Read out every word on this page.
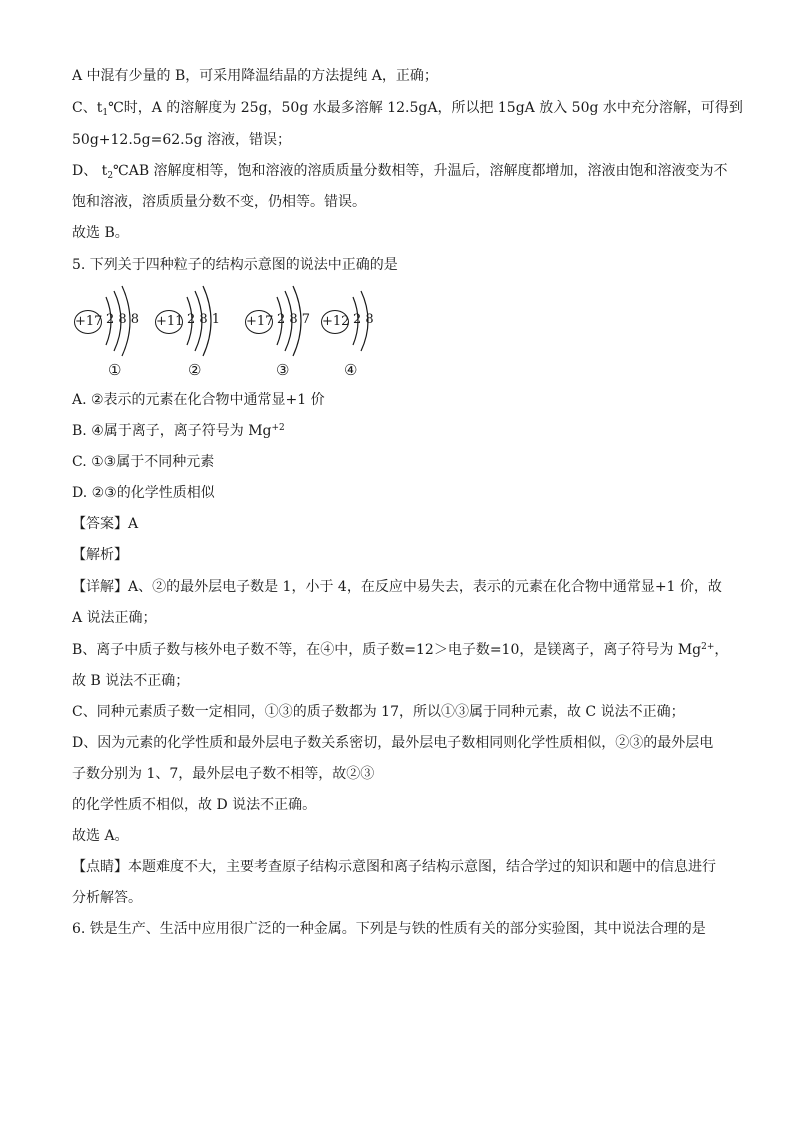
A 中混有少量的 B，可采用降温结晶的方法提纯 A，正确；
C、$t_1℃$时，A 的溶解度为 25g，50g 水最多溶解 12.5gA，所以把 15gA 放入 50g 水中充分溶解，可得到
50g+12.5g=62.5g 溶液，错误；
D、 $t_2℃AB$ 溶解度相等，饱和溶液的溶质质量分数相等，升温后，溶解度都增加，溶液由饱和溶液变为不
饱和溶液，溶质质量分数不变，仍相等。错误。
故选 B。
5. 下列关于四种粒子的结构示意图的说法中正确的是
+17 2 8 8
①
+11 2 8 1
②
+17 2 8 7
③
+12 2 8
④
A. ②表示的元素在化合物中通常显+1 价
B. ④属于离子，离子符号为 $Mg^{+2}$
C. ①③属于不同种元素
D. ②③的化学性质相似
【答案】A
【解析】
【详解】A、②的最外层电子数是 1，小于 4，在反应中易失去，表示的元素在化合物中通常显+1 价，故
A 说法正确；
B、离子中质子数与核外电子数不等，在④中，质子数=12＞电子数=10，是镁离子，离子符号为 $Mg^{2+}$，
故 B 说法不正确；
C、同种元素质子数一定相同，①③的质子数都为 17，所以①③属于同种元素，故 C 说法不正确；
D、因为元素的化学性质和最外层电子数关系密切，最外层电子数相同则化学性质相似，②③的最外层电
子数分别为 1、7，最外层电子数不相等，故②③
的化学性质不相似，故 D 说法不正确。
故选 A。
【点睛】本题难度不大，主要考查原子结构示意图和离子结构示意图，结合学过的知识和题中的信息进行
分析解答。
6. 铁是生产、生活中应用很广泛的一种金属。下列是与铁的性质有关的部分实验图，其中说法合理的是
